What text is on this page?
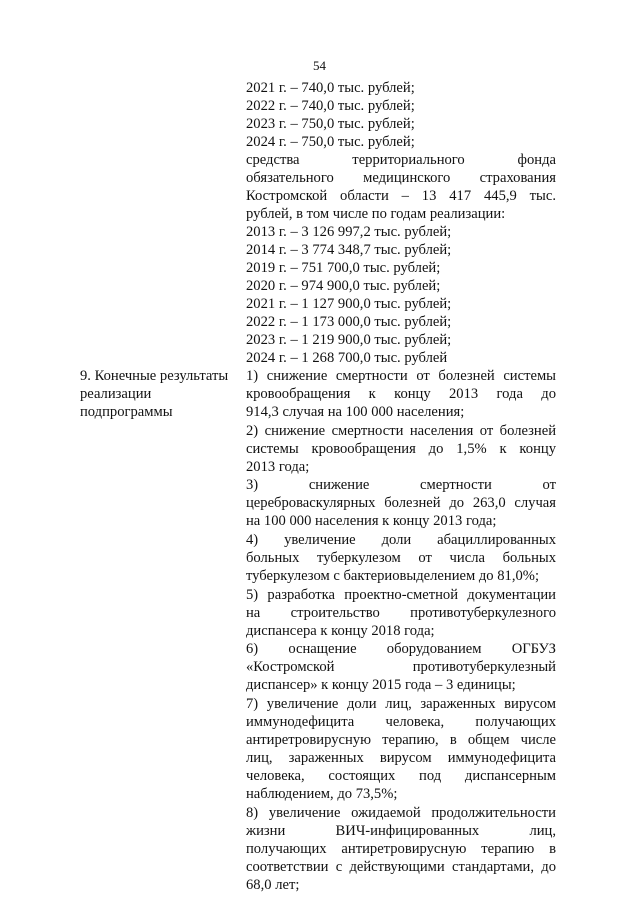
54
2021 г. – 740,0 тыс. рублей;
2022 г. – 740,0 тыс. рублей;
2023 г. – 750,0 тыс. рублей;
2024 г. – 750,0 тыс. рублей;
средства территориального фонда
обязательного медицинского страхования
Костромской области – 13 417 445,9 тыс.
рублей, в том числе по годам реализации:
2013 г. – 3 126 997,2 тыс. рублей;
2014 г. – 3 774 348,7 тыс. рублей;
2019 г. – 751 700,0 тыс. рублей;
2020 г. – 974 900,0 тыс. рублей;
2021 г. – 1 127 900,0 тыс. рублей;
2022 г. – 1 173 000,0 тыс. рублей;
2023 г. – 1 219 900,0 тыс. рублей;
2024 г. – 1 268 700,0 тыс. рублей
9. Конечные результаты
реализации
подпрограммы
1) снижение смертности от болезней системы
кровообращения к концу 2013 года до
914,3 случая на 100 000 населения;
2) снижение смертности населения от болезней
системы кровообращения до 1,5% к концу
2013 года;
3) снижение смертности от
цереброваскулярных болезней до 263,0 случая
на 100 000 населения к концу 2013 года;
4) увеличение доли абациллированных
больных туберкулезом от числа больных
туберкулезом с бактериовыделением до 81,0%;
5) разработка проектно-сметной документации
на строительство противотуберкулезного
диспансера к концу 2018 года;
6) оснащение оборудованием ОГБУЗ
«Костромской противотуберкулезный
диспансер» к концу 2015 года – 3 единицы;
7) увеличение доли лиц, зараженных вирусом
иммунодефицита человека, получающих
антиретровирусную терапию, в общем числе
лиц, зараженных вирусом иммунодефицита
человека, состоящих под диспансерным
наблюдением, до 73,5%;
8) увеличение ожидаемой продолжительности
жизни ВИЧ-инфицированных лиц,
получающих антиретровирусную терапию в
соответствии с действующими стандартами, до
68,0 лет;
